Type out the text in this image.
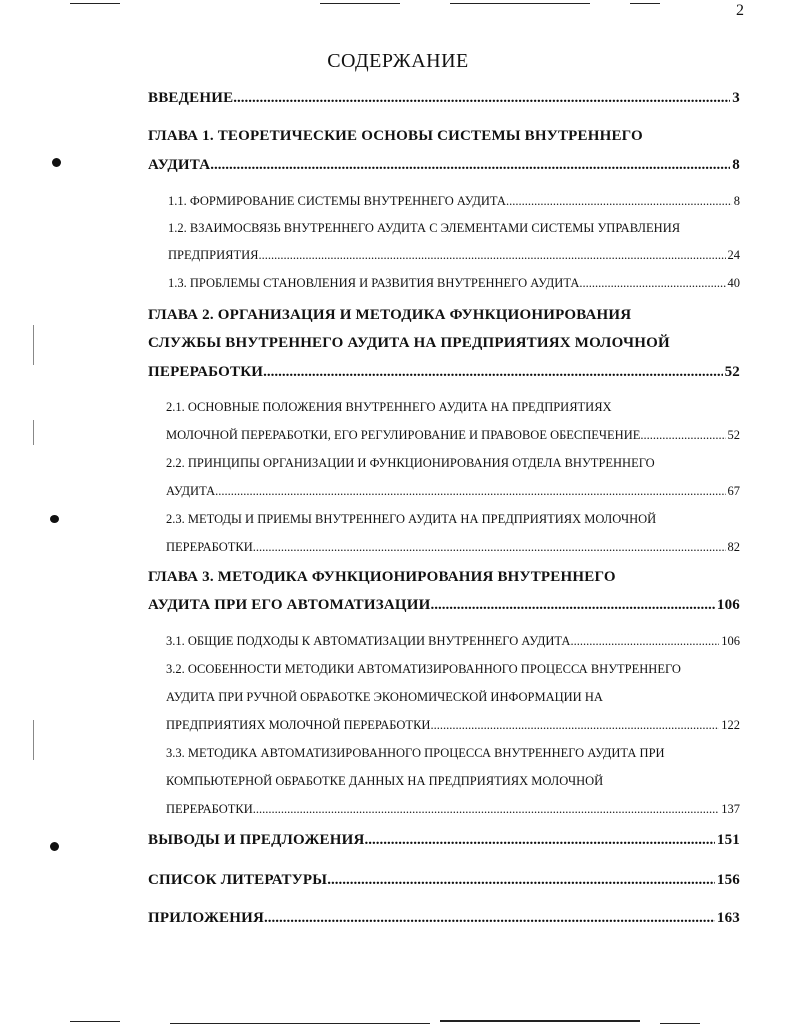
2
СОДЕРЖАНИЕ
ВВЕДЕНИЕ .....	3
ГЛАВА 1. ТЕОРЕТИЧЕСКИЕ ОСНОВЫ СИСТЕМЫ ВНУТРЕННЕГО
АУДИТА .....	8
1.1. ФОРМИРОВАНИЕ СИСТЕМЫ ВНУТРЕННЕГО АУДИТА .....	8
1.2. ВЗАИМОСВЯЗЬ ВНУТРЕННЕГО АУДИТА С ЭЛЕМЕНТАМИ СИСТЕМЫ УПРАВЛЕНИЯ
ПРЕДПРИЯТИЯ .....	24
1.3. ПРОБЛЕМЫ СТАНОВЛЕНИЯ И РАЗВИТИЯ ВНУТРЕННЕГО АУДИТА .....	40
ГЛАВА 2. ОРГАНИЗАЦИЯ И МЕТОДИКА ФУНКЦИОНИРОВАНИЯ
СЛУЖБЫ ВНУТРЕННЕГО АУДИТА НА ПРЕДПРИЯТИЯХ МОЛОЧНОЙ
ПЕРЕРАБОТКИ .....	52
2.1. ОСНОВНЫЕ ПОЛОЖЕНИЯ ВНУТРЕННЕГО АУДИТА НА ПРЕДПРИЯТИЯХ
МОЛОЧНОЙ ПЕРЕРАБОТКИ, ЕГО РЕГУЛИРОВАНИЕ И ПРАВОВОЕ ОБЕСПЕЧЕНИЕ .....	52
2.2. ПРИНЦИПЫ ОРГАНИЗАЦИИ И ФУНКЦИОНИРОВАНИЯ ОТДЕЛА ВНУТРЕННЕГО
АУДИТА .....	67
2.3. МЕТОДЫ И ПРИЕМЫ ВНУТРЕННЕГО АУДИТА НА ПРЕДПРИЯТИЯХ МОЛОЧНОЙ
ПЕРЕРАБОТКИ .....	82
ГЛАВА 3. МЕТОДИКА ФУНКЦИОНИРОВАНИЯ ВНУТРЕННЕГО
АУДИТА ПРИ ЕГО АВТОМАТИЗАЦИИ .....	106
3.1. ОБЩИЕ ПОДХОДЫ К АВТОМАТИЗАЦИИ ВНУТРЕННЕГО АУДИТА .....	106
3.2. ОСОБЕННОСТИ МЕТОДИКИ АВТОМАТИЗИРОВАННОГО ПРОЦЕССА ВНУТРЕННЕГО
АУДИТА ПРИ РУЧНОЙ ОБРАБОТКЕ ЭКОНОМИЧЕСКОЙ ИНФОРМАЦИИ НА
ПРЕДПРИЯТИЯХ МОЛОЧНОЙ ПЕРЕРАБОТКИ .....	122
3.3. МЕТОДИКА АВТОМАТИЗИРОВАННОГО ПРОЦЕССА ВНУТРЕННЕГО АУДИТА ПРИ
КОМПЬЮТЕРНОЙ ОБРАБОТКЕ ДАННЫХ НА ПРЕДПРИЯТИЯХ МОЛОЧНОЙ
ПЕРЕРАБОТКИ .....	137
ВЫВОДЫ И ПРЕДЛОЖЕНИЯ .....	151
СПИСОК ЛИТЕРАТУРЫ .....	156
ПРИЛОЖЕНИЯ .....	163
